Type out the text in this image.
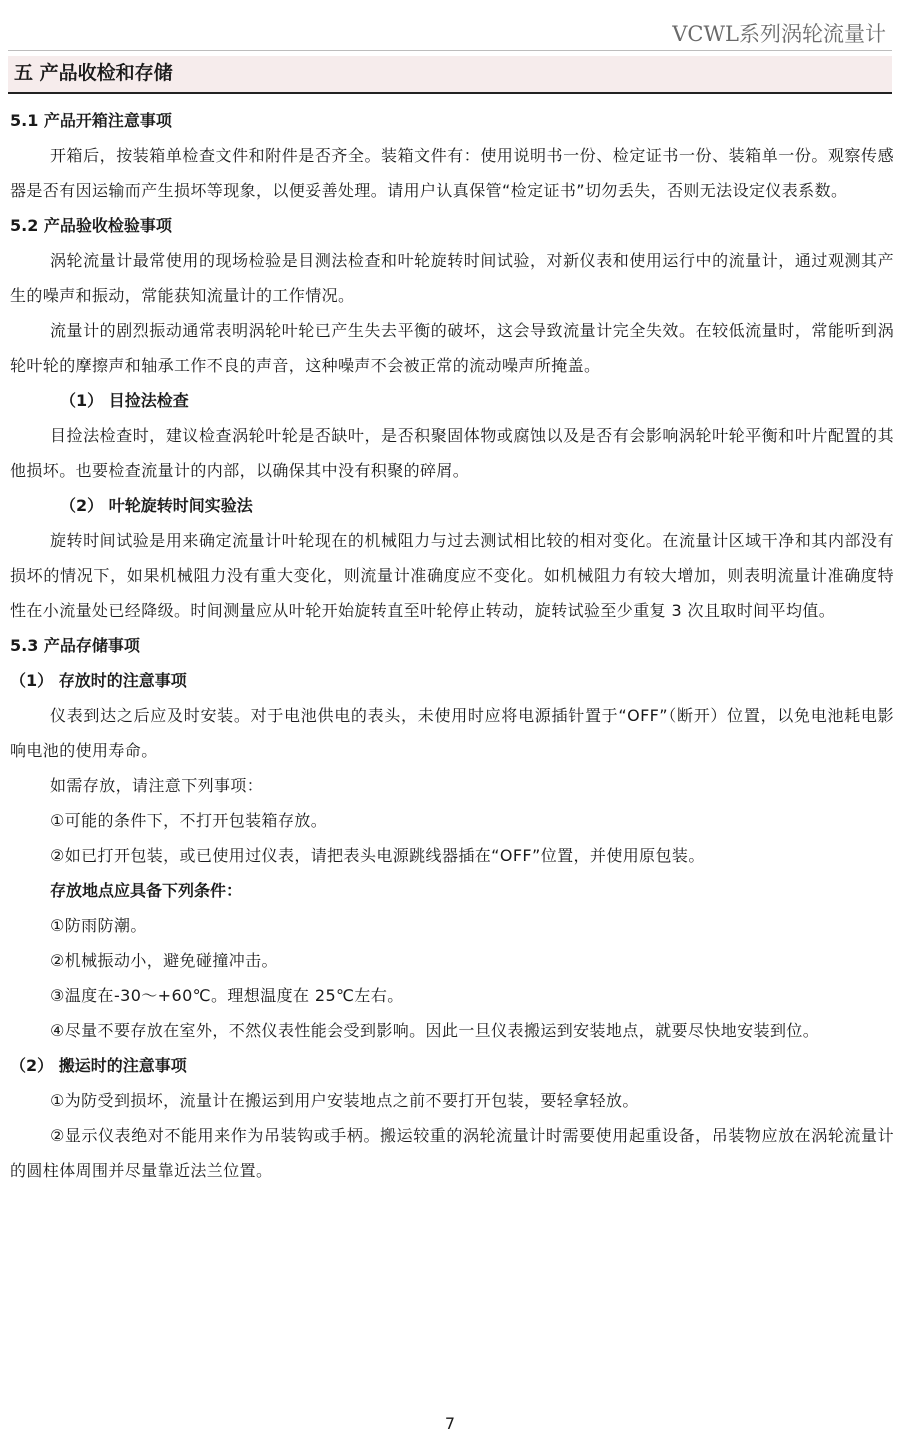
VCWL系列涡轮流量计
五 产品收检和存储
5.1 产品开箱注意事项
开箱后，按装箱单检查文件和附件是否齐全。装箱文件有：使用说明书一份、检定证书一份、装箱单一份。观察传感器是否有因运输而产生损坏等现象，以便妥善处理。请用户认真保管“检定证书”切勿丢失，否则无法设定仪表系数。
5.2 产品验收检验事项
涡轮流量计最常使用的现场检验是目测法检查和叶轮旋转时间试验，对新仪表和使用运行中的流量计，通过观测其产生的噪声和振动，常能获知流量计的工作情况。
流量计的剧烈振动通常表明涡轮叶轮已产生失去平衡的破坏，这会导致流量计完全失效。在较低流量时，常能听到涡轮叶轮的摩擦声和轴承工作不良的声音，这种噪声不会被正常的流动噪声所掩盖。
（1） 目捡法检查
目捡法检查时，建议检查涡轮叶轮是否缺叶，是否积聚固体物或腐蚀以及是否有会影响涡轮叶轮平衡和叶片配置的其他损坏。也要检查流量计的内部，以确保其中没有积聚的碎屑。
（2） 叶轮旋转时间实验法
旋转时间试验是用来确定流量计叶轮现在的机械阻力与过去测试相比较的相对变化。在流量计区域干净和其内部没有损坏的情况下，如果机械阻力没有重大变化，则流量计准确度应不变化。如机械阻力有较大增加，则表明流量计准确度特性在小流量处已经降级。时间测量应从叶轮开始旋转直至叶轮停止转动，旋转试验至少重复 3 次且取时间平均值。
5.3 产品存储事项
（1） 存放时的注意事项
仪表到达之后应及时安装。对于电池供电的表头，未使用时应将电源插针置于“OFF”（断开）位置，以免电池耗电影响电池的使用寿命。
如需存放，请注意下列事项：
①可能的条件下，不打开包装箱存放。
②如已打开包装，或已使用过仪表，请把表头电源跳线器插在“OFF”位置，并使用原包装。
存放地点应具备下列条件：
①防雨防潮。
②机械振动小，避免碰撞冲击。
③温度在-30～+60℃。理想温度在 25℃左右。
④尽量不要存放在室外，不然仪表性能会受到影响。因此一旦仪表搬运到安装地点，就要尽快地安装到位。
（2） 搬运时的注意事项
①为防受到损坏，流量计在搬运到用户安装地点之前不要打开包装，要轻拿轻放。
②显示仪表绝对不能用来作为吊装钩或手柄。搬运较重的涡轮流量计时需要使用起重设备，吊装物应放在涡轮流量计的圆柱体周围并尽量靠近法兰位置。
7
